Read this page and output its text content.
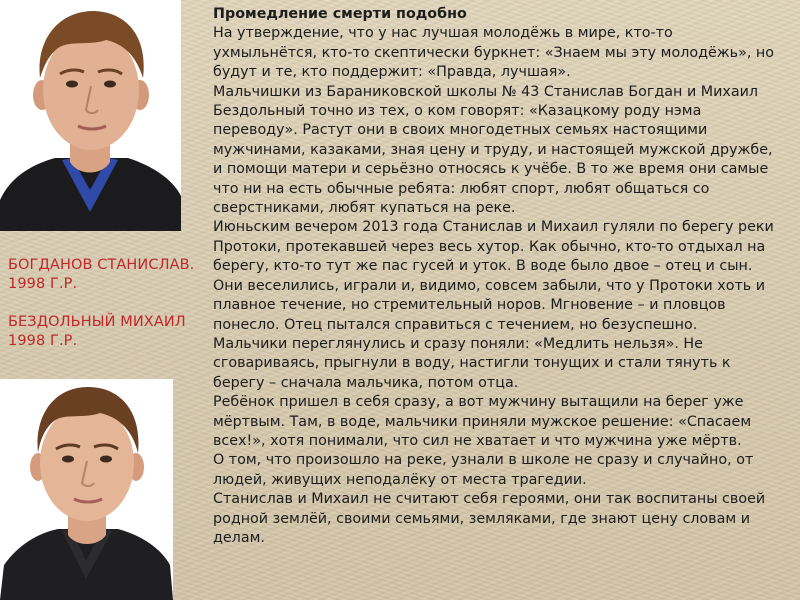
БОГДАНОВ СТАНИСЛАВ.
1998 Г.Р.
БЕЗДОЛЬНЫЙ МИХАИЛ
1998 Г.Р.

Промедление смерти подобно

На утверждение, что у нас лучшая молодёжь в мире, кто-то ухмыльнётся, кто-то скептически буркнет: «Знаем мы эту молодёжь», но будут и те, кто поддержит: «Правда, лучшая».

Мальчишки из Бараниковской школы № 43 Станислав Богдан и Михаил Бездольный точно из тех, о ком говорят: «Казацкому роду нэма переводу». Растут они в своих многодетных семьях настоящими мужчинами, казаками, зная цену и труду, и настоящей мужской дружбе, и помощи матери и серьёзно относясь к учёбе. В то же время они самые что ни на есть обычные ребята: любят спорт, любят общаться со сверстниками, любят купаться на реке.

Июньским вечером 2013 года Станислав и Михаил гуляли по берегу реки Протоки, протекавшей через весь хутор. Как обычно, кто-то отдыхал на берегу, кто-то тут же пас гусей и уток. В воде было двое – отец и сын. Они веселились, играли и, видимо, совсем забыли, что у Протоки хоть и плавное течение, но стремительный норов. Мгновение – и пловцов понесло. Отец пытался справиться с течением, но безуспешно.

Мальчики переглянулись и сразу поняли: «Медлить нельзя». Не сговариваясь, прыгнули в воду, настигли тонущих и стали тянуть к берегу – сначала мальчика, потом отца.

Ребёнок пришел в себя сразу, а вот мужчину вытащили на берег уже мёртвым. Там, в воде, мальчики приняли мужское решение: «Спасаем всех!», хотя понимали, что сил не хватает и что мужчина уже мёртв.

О том, что произошло на реке, узнали в школе не сразу и случайно, от людей, живущих неподалёку от места трагедии.

Станислав и Михаил не считают себя героями, они так воспитаны своей родной землёй, своими семьями, земляками, где знают цену словам и делам.
